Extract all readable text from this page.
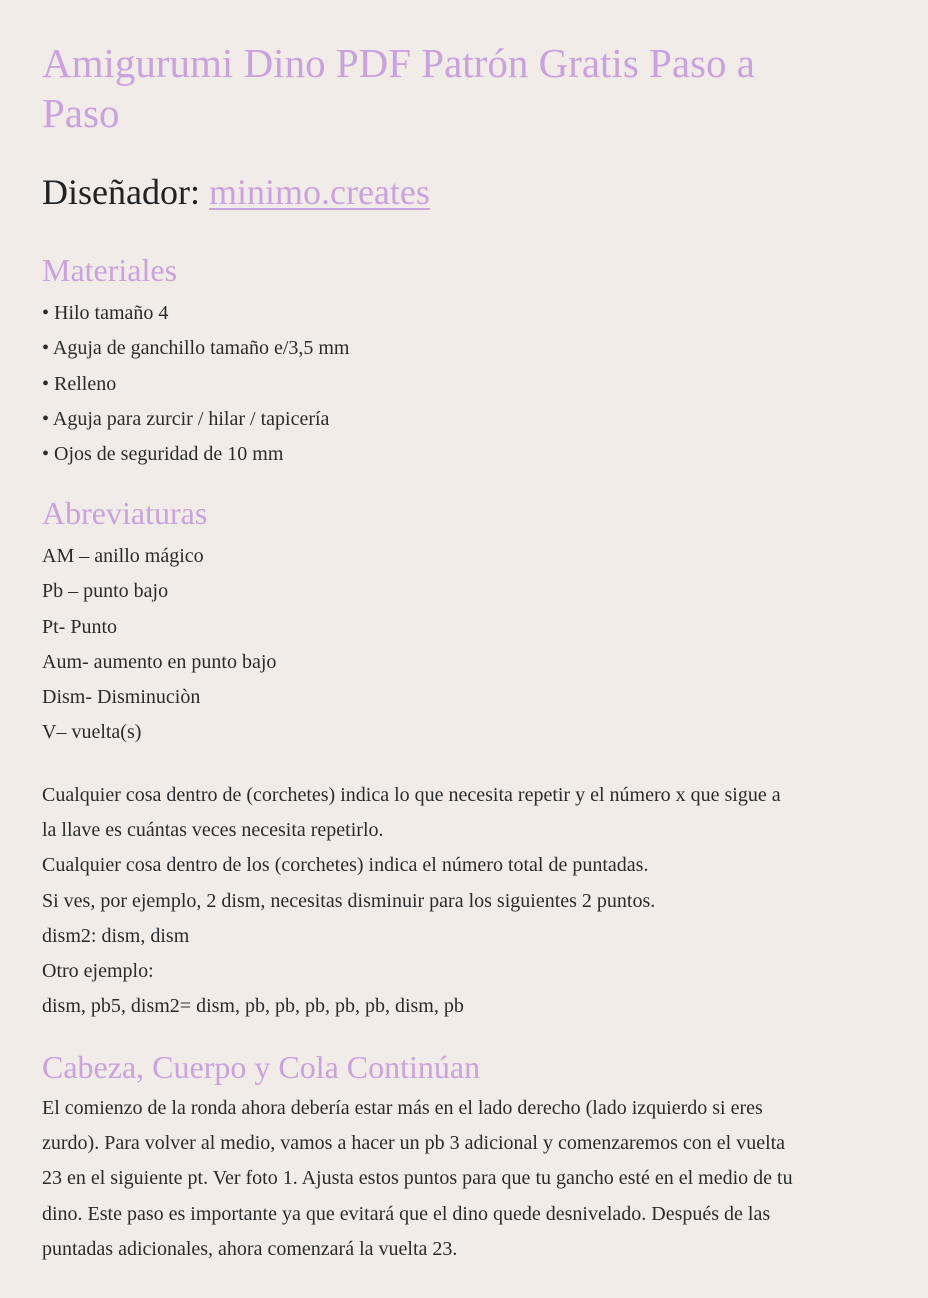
Amigurumi Dino PDF Patrón Gratis Paso a Paso

Diseñador: minimo.creates

Materiales
• Hilo tamaño 4
• Aguja de ganchillo tamaño e/3,5 mm
• Relleno
• Aguja para zurcir / hilar / tapicería
• Ojos de seguridad de 10 mm
Abreviaturas
AM – anillo mágico
Pb – punto bajo
Pt- Punto
Aum- aumento en punto bajo
Dism- Disminuciòn
V– vuelta(s)

Cualquier cosa dentro de (corchetes) indica lo que necesita repetir y el número x que sigue a
la llave es cuántas veces necesita repetirlo.
Cualquier cosa dentro de los (corchetes) indica el número total de puntadas.
Si ves, por ejemplo, 2 dism, necesitas disminuir para los siguientes 2 puntos.
dism2: dism, dism
Otro ejemplo:
dism, pb5, dism2= dism, pb, pb, pb, pb, pb, dism, pb

Cabeza, Cuerpo y Cola Continúan

El comienzo de la ronda ahora debería estar más en el lado derecho (lado izquierdo si eres
zurdo). Para volver al medio, vamos a hacer un pb 3 adicional y comenzaremos con el vuelta
23 en el siguiente pt. Ver foto 1. Ajusta estos puntos para que tu gancho esté en el medio de tu
dino. Este paso es importante ya que evitará que el dino quede desnivelado. Después de las
puntadas adicionales, ahora comenzará la vuelta 23.
